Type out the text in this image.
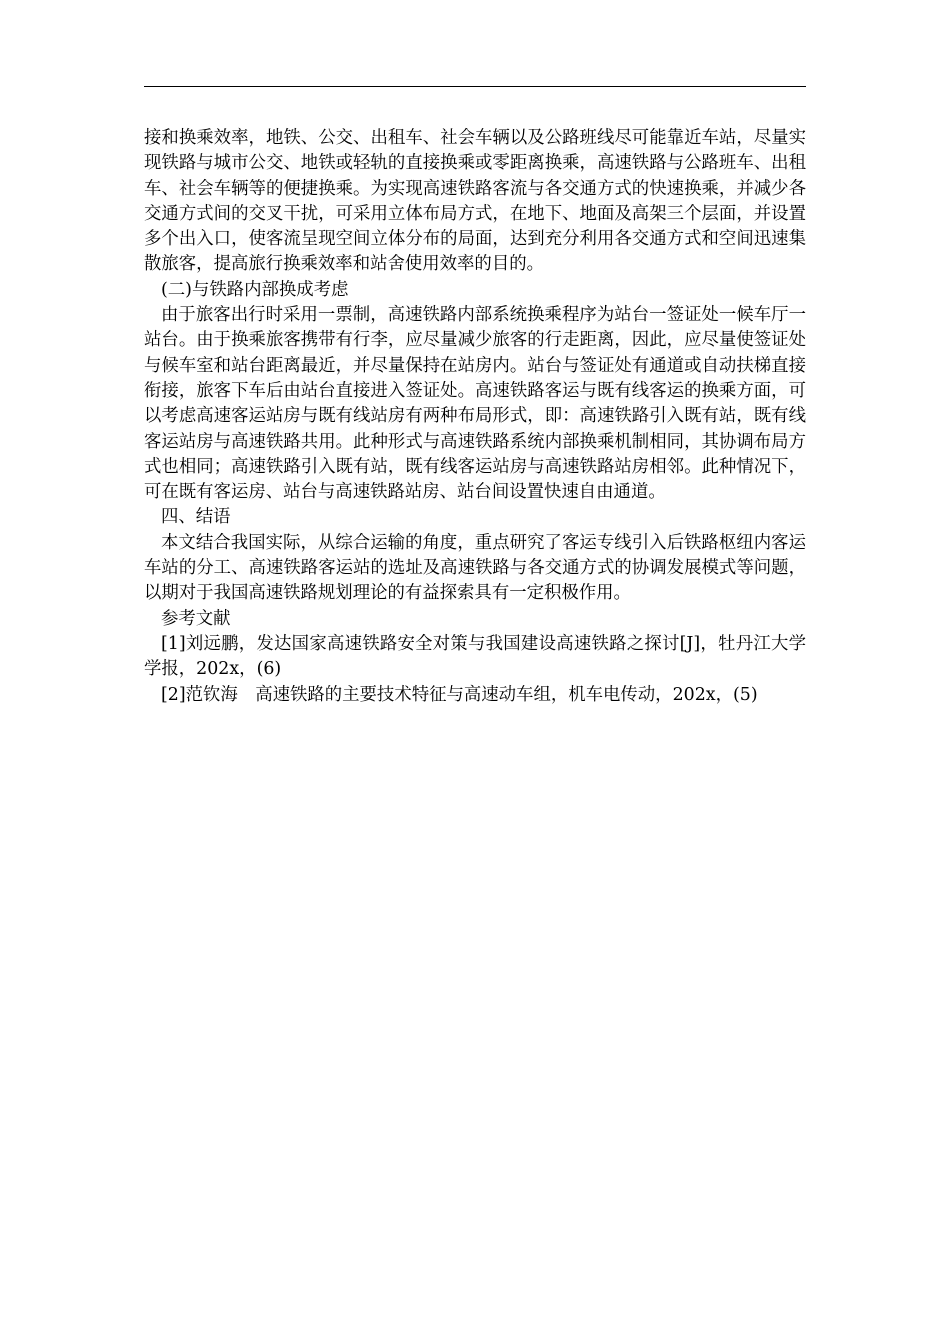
接和换乘效率，地铁、公交、出租车、社会车辆以及公路班线尽可能靠近车站，尽量实现铁路与城市公交、地铁或轻轨的直接换乘或零距离换乘，高速铁路与公路班车、出租车、社会车辆等的便捷换乘。为实现高速铁路客流与各交通方式的快速换乘，并减少各交通方式间的交叉干扰，可采用立体布局方式，在地下、地面及高架三个层面，并设置多个出入口，使客流呈现空间立体分布的局面，达到充分利用各交通方式和空间迅速集散旅客，提高旅行换乘效率和站舍使用效率的目的。

(二)与铁路内部换成考虑

由于旅客出行时采用一票制，高速铁路内部系统换乘程序为站台一签证处一候车厅一站台。由于换乘旅客携带有行李，应尽量减少旅客的行走距离，因此，应尽量使签证处与候车室和站台距离最近，并尽量保持在站房内。站台与签证处有通道或自动扶梯直接衔接，旅客下车后由站台直接进入签证处。高速铁路客运与既有线客运的换乘方面，可以考虑高速客运站房与既有线站房有两种布局形式，即：高速铁路引入既有站，既有线客运站房与高速铁路共用。此种形式与高速铁路系统内部换乘机制相同，其协调布局方式也相同；高速铁路引入既有站，既有线客运站房与高速铁路站房相邻。此种情况下，可在既有客运房、站台与高速铁路站房、站台间设置快速自由通道。

四、结语

本文结合我国实际，从综合运输的角度，重点研究了客运专线引入后铁路枢纽内客运车站的分工、高速铁路客运站的选址及高速铁路与各交通方式的协调发展模式等问题，以期对于我国高速铁路规划理论的有益探索具有一定积极作用。

参考文献

[1]刘远鹏，发达国家高速铁路安全对策与我国建设高速铁路之探讨[J]，牡丹江大学学报，202x，(6)

[2]范钦海　高速铁路的主要技术特征与高速动车组，机车电传动，202x，(5)
